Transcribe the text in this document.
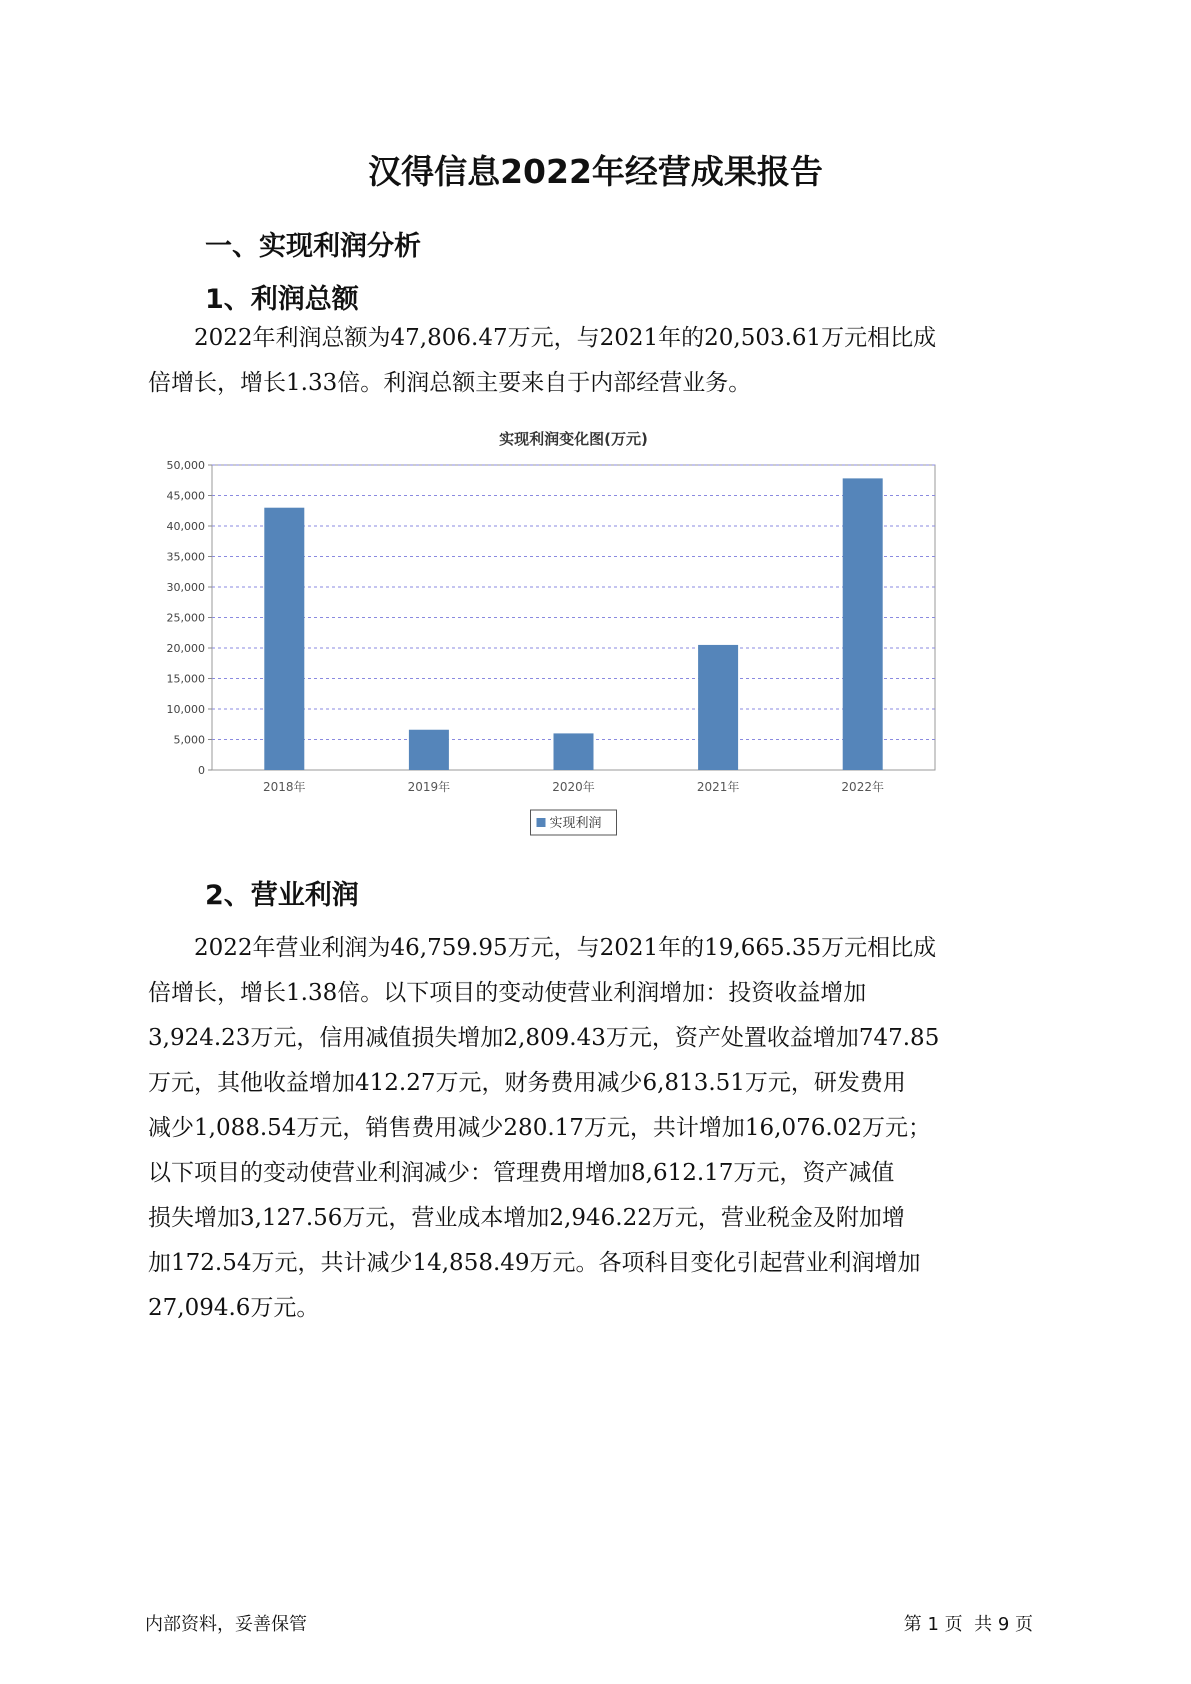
汉得信息2022年经营成果报告
一、实现利润分析
1、利润总额
2022年利润总额为47,806.47万元，与2021年的20,503.61万元相比成
倍增长，增长1.33倍。利润总额主要来自于内部经营业务。
实现利润变化图(万元)
0
5,000
10,000
15,000
20,000
25,000
30,000
35,000
40,000
45,000
50,000
2018年	2019年	2020年	2021年	2022年
实现利润
2、营业利润
2022年营业利润为46,759.95万元，与2021年的19,665.35万元相比成
倍增长，增长1.38倍。以下项目的变动使营业利润增加：投资收益增加
3,924.23万元，信用减值损失增加2,809.43万元，资产处置收益增加747.85
万元，其他收益增加412.27万元，财务费用减少6,813.51万元，研发费用
减少1,088.54万元，销售费用减少280.17万元，共计增加16,076.02万元；
以下项目的变动使营业利润减少：管理费用增加8,612.17万元，资产减值
损失增加3,127.56万元，营业成本增加2,946.22万元，营业税金及附加增
加172.54万元，共计减少14,858.49万元。各项科目变化引起营业利润增加
27,094.6万元。
内部资料，妥善保管	第 1 页  共 9 页
